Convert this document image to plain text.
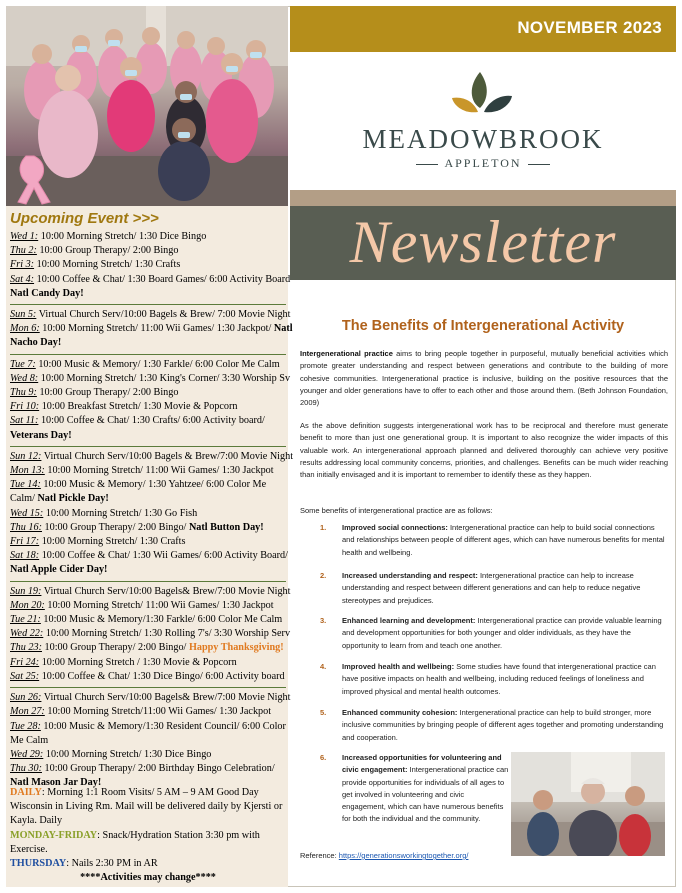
NOVEMBER 2023
MEADOWBROOK
APPLETON
Upcoming Event >>>
Wed 1: 10:00 Morning Stretch/ 1:30 Dice Bingo
Thu 2: 10:00 Group Therapy/ 2:00 Bingo
Fri 3: 10:00 Morning Stretch/ 1:30 Crafts
Sat 4: 10:00 Coffee & Chat/ 1:30 Board Games/ 6:00 Activity Board
Natl Candy Day!
Sun 5: Virtual Church Serv/10:00 Bagels & Brew/ 7:00 Movie Night
Mon 6: 10:00 Morning Stretch/ 11:00 Wii Games/ 1:30 Jackpot/ Natl
Nacho Day!
Tue 7: 10:00 Music & Memory/ 1:30 Farkle/ 6:00 Color Me Calm
Wed 8: 10:00 Morning Stretch/ 1:30 King's Corner/ 3:30 Worship Sv
Thu 9: 10:00 Group Therapy/ 2:00 Bingo
Fri 10: 10:00 Breakfast Stretch/ 1:30 Movie & Popcorn
Sat 11: 10:00 Coffee & Chat/ 1:30 Crafts/ 6:00 Activity board/
Veterans Day!
Sun 12: Virtual Church Serv/10:00 Bagels & Brew/7:00 Movie Night
Mon 13: 10:00 Morning Stretch/ 11:00 Wii Games/ 1:30 Jackpot
Tue 14: 10:00 Music & Memory/ 1:30 Yahtzee/ 6:00 Color Me
Calm/ Natl Pickle Day!
Wed 15: 10:00 Morning Stretch/ 1:30 Go Fish
Thu 16: 10:00 Group Therapy/ 2:00 Bingo/ Natl Button Day!
Fri 17: 10:00 Morning Stretch/ 1:30 Crafts
Sat 18: 10:00 Coffee & Chat/ 1:30 Wii Games/ 6:00 Activity Board/
Natl Apple Cider Day!
Sun 19: Virtual Church Serv/10:00 Bagels& Brew/7:00 Movie Night
Mon 20: 10:00 Morning Stretch/ 11:00 Wii Games/ 1:30 Jackpot
Tue 21: 10:00 Music & Memory/1:30 Farkle/ 6:00 Color Me Calm
Wed 22: 10:00 Morning Stretch/ 1:30 Rolling 7's/ 3:30 Worship Serv
Thu 23: 10:00 Group Therapy/ 2:00 Bingo/ Happy Thanksgiving!
Fri 24: 10:00 Morning Stretch / 1:30 Movie & Popcorn
Sat 25: 10:00 Coffee & Chat/ 1:30 Dice Bingo/ 6:00 Activity board
Sun 26: Virtual Church Serv/10:00 Bagels& Brew/7:00 Movie Night
Mon 27: 10:00 Morning Stretch/11:00 Wii Games/ 1:30 Jackpot
Tue 28: 10:00 Music & Memory/1:30 Resident Council/ 6:00 Color
Me Calm
Wed 29: 10:00 Morning Stretch/ 1:30 Dice Bingo
Thu 30: 10:00 Group Therapy/ 2:00 Birthday Bingo Celebration/
Natl Mason Jar Day!
DAILY: Morning 1:1 Room Visits/ 5 AM – 9 AM Good Day Wisconsin in Living Rm. Mail will be delivered daily by Kjersti or Kayla. Daily
MONDAY-FRIDAY: Snack/Hydration Station 3:30 pm with Exercise.
THURSDAY: Nails 2:30 PM in AR
****Activities may change****
Newsletter
The Benefits of Intergenerational Activity
Intergenerational practice aims to bring people together in purposeful, mutually beneficial activities which promote greater understanding and respect between generations and contribute to the building of more cohesive communities. Intergenerational practice is inclusive, building on the positive resources that the younger and older generations have to offer to each other and those around them. (Beth Johnson Foundation, 2009)
As the above definition suggests intergenerational work has to be reciprocal and therefore must generate benefit to more than just one generational group. It is important to also recognize the wider impacts of this valuable work. An intergenerational approach planned and delivered thoroughly can achieve very positive results addressing local community concerns, priorities, and challenges. Benefits can be much wider reaching than initially envisaged and it is important to remember to identify these as they happen.
Some benefits of intergenerational practice are as follows:
1. Improved social connections: Intergenerational practice can help to build social connections and relationships between people of different ages, which can have numerous benefits for mental health and wellbeing.
2. Increased understanding and respect: Intergenerational practice can help to increase understanding and respect between different generations and can help to reduce negative stereotypes and prejudices.
3. Enhanced learning and development: Intergenerational practice can provide valuable learning and development opportunities for both younger and older individuals, as they have the opportunity to learn from and teach one another.
4. Improved health and wellbeing: Some studies have found that intergenerational practice can have positive impacts on health and wellbeing, including reduced feelings of loneliness and improved physical and mental health outcomes.
5. Enhanced community cohesion: Intergenerational practice can help to build stronger, more inclusive communities by bringing people of different ages together and promoting understanding and cooperation.
6. Increased opportunities for volunteering and civic engagement: Intergenerational practice can provide opportunities for individuals of all ages to get involved in volunteering and civic engagement, which can have numerous benefits for both the individual and the community.
Reference: https://generationsworkingtogether.org/
